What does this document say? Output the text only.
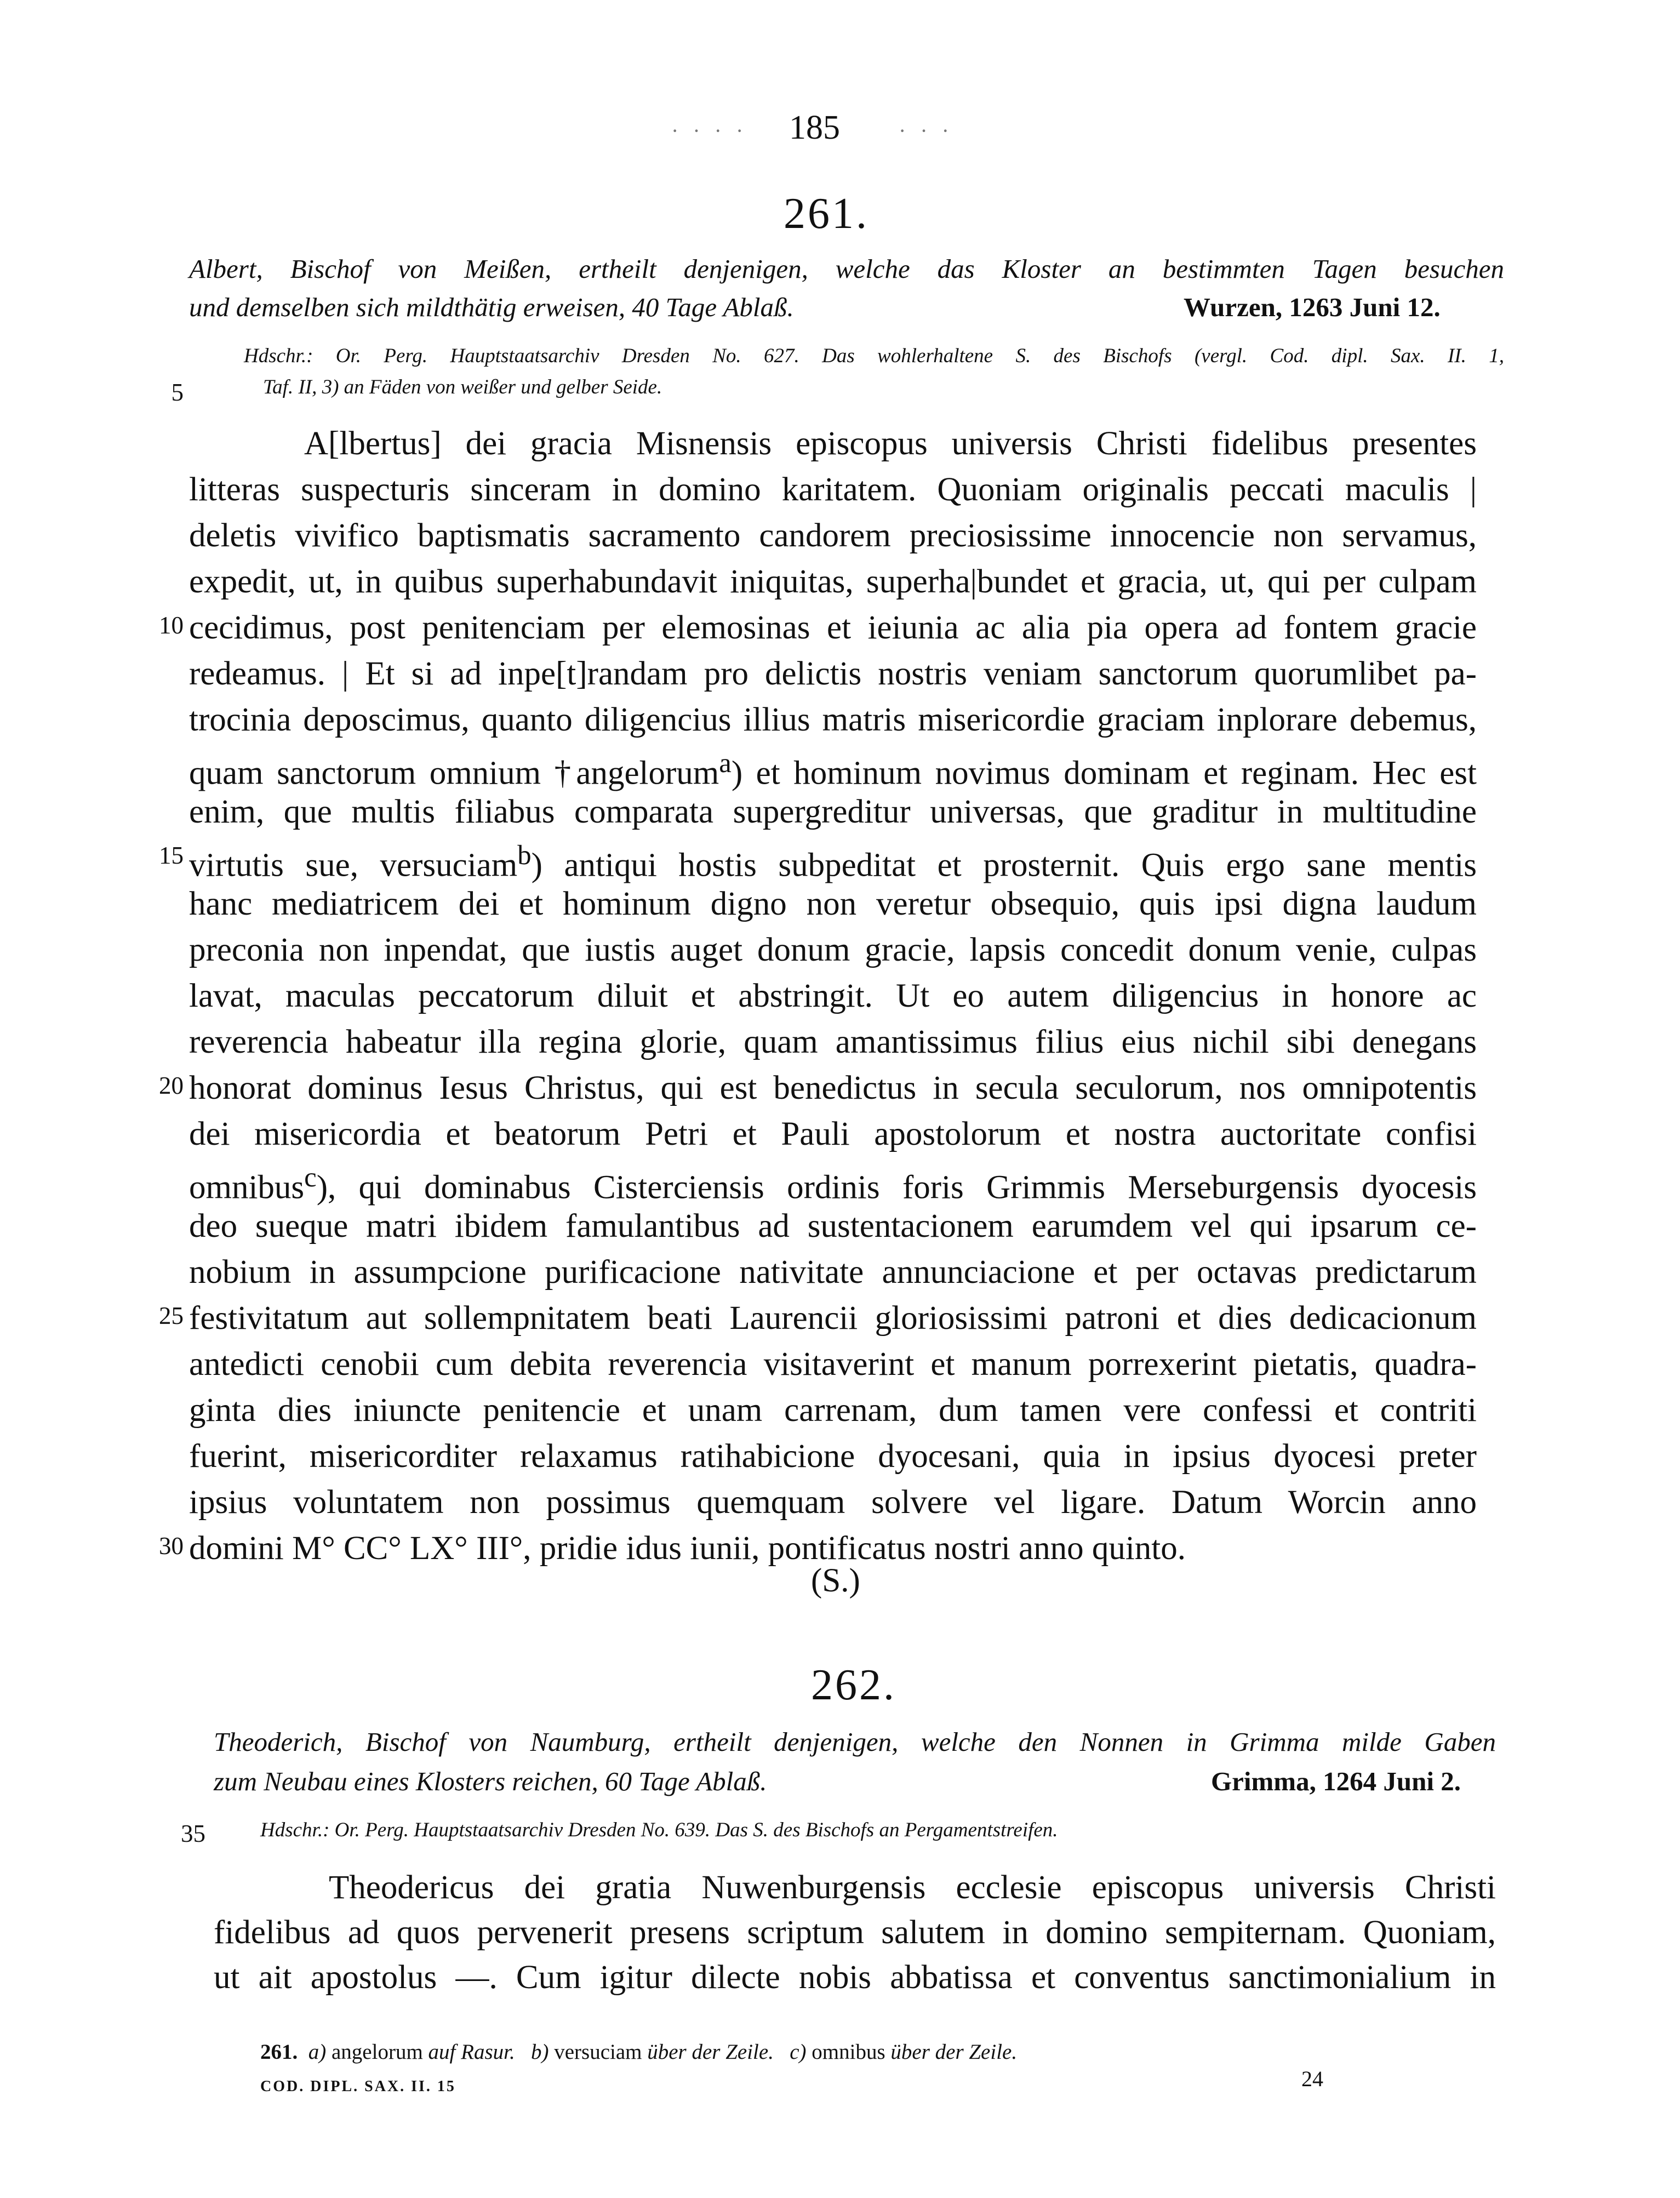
· · · · 185	· · ·
261.
Albert, Bischof von Meißen, ertheilt denjenigen, welche das Kloster an bestimmten Tagen besuchen
und demselben sich mildthätig erweisen, 40 Tage Ablaß.	Wurzen, 1263 Juni 12.
Hdschr.: Or. Perg. Hauptstaatsarchiv Dresden No. 627. Das wohlerhaltene S. des Bischofs (vergl. Cod. dipl. Sax. II. 1,
5	Taf. II, 3) an Fäden von weißer und gelber Seide.
A[lbertus] dei gracia Misnensis episcopus universis Christi fidelibus presentes
litteras suspecturis sinceram in domino karitatem. Quoniam originalis peccati maculis |
deletis vivifico baptismatis sacramento candorem preciosissime innocencie non servamus,
expedit, ut, in quibus superhabundavit iniquitas, superha|bundet et gracia, ut, qui per culpam
cecidimus, post penitenciam per elemosinas et ieiunia ac alia pia opera ad fontem gracie
redeamus. | Et si ad inpe[t]randam pro delictis nostris veniam sanctorum quorumlibet pa-
trocinia deposcimus, quanto diligencius illius matris misericordie graciam inplorare debemus,
quam sanctorum omnium †angelorum$^a$) et hominum novimus dominam et reginam. Hec est
enim, que multis filiabus comparata supergreditur universas, que graditur in multitudine
virtutis sue, versuciam$^b$) antiqui hostis subpeditat et prosternit. Quis ergo sane mentis
hanc mediatricem dei et hominum digno non veretur obsequio, quis ipsi digna laudum
preconia non inpendat, que iustis auget donum gracie, lapsis concedit donum venie, culpas
lavat, maculas peccatorum diluit et abstringit. Ut eo autem diligencius in honore ac
reverencia habeatur illa regina glorie, quam amantissimus filius eius nichil sibi denegans
honorat dominus Iesus Christus, qui est benedictus in secula seculorum, nos omnipotentis
dei misericordia et beatorum Petri et Pauli apostolorum et nostra auctoritate confisi
omnibus$^c$), qui dominabus Cisterciensis ordinis foris Grimmis Merseburgensis dyocesis
deo sueque matri ibidem famulantibus ad sustentacionem earumdem vel qui ipsarum ce-
nobium in assumpcione purificacione nativitate annunciacione et per octavas predictarum
festivitatum aut sollempnitatem beati Laurencii gloriosissimi patroni et dies dedicacionum
antedicti cenobii cum debita reverencia visitaverint et manum porrexerint pietatis, quadra-
ginta dies iniuncte penitencie et unam carrenam, dum tamen vere confessi et contriti
fuerint, misericorditer relaxamus ratihabicione dyocesani, quia in ipsius dyocesi preter
ipsius voluntatem non possimus quemquam solvere vel ligare. Datum Worcin anno
domini M° CC° LX° III°, pridie idus iunii, pontificatus nostri anno quinto.
10
15
20
25
30
(S.)
262.
Theoderich, Bischof von Naumburg, ertheilt denjenigen, welche den Nonnen in Grimma milde Gaben
zum Neubau eines Klosters reichen, 60 Tage Ablaß.	Grimma, 1264 Juni 2.
35	Hdschr.: Or. Perg. Hauptstaatsarchiv Dresden No. 639. Das S. des Bischofs an Pergamentstreifen.
Theodericus dei gratia Nuwenburgensis ecclesie episcopus universis Christi
fidelibus ad quos pervenerit presens scriptum salutem in domino sempiternam. Quoniam,
ut ait apostolus —. Cum igitur dilecte nobis abbatissa et conventus sanctimonialium in
261. a) angelorum auf Rasur. b) versuciam über der Zeile. c) omnibus über der Zeile.
COD. DIPL. SAX. II. 15	24
